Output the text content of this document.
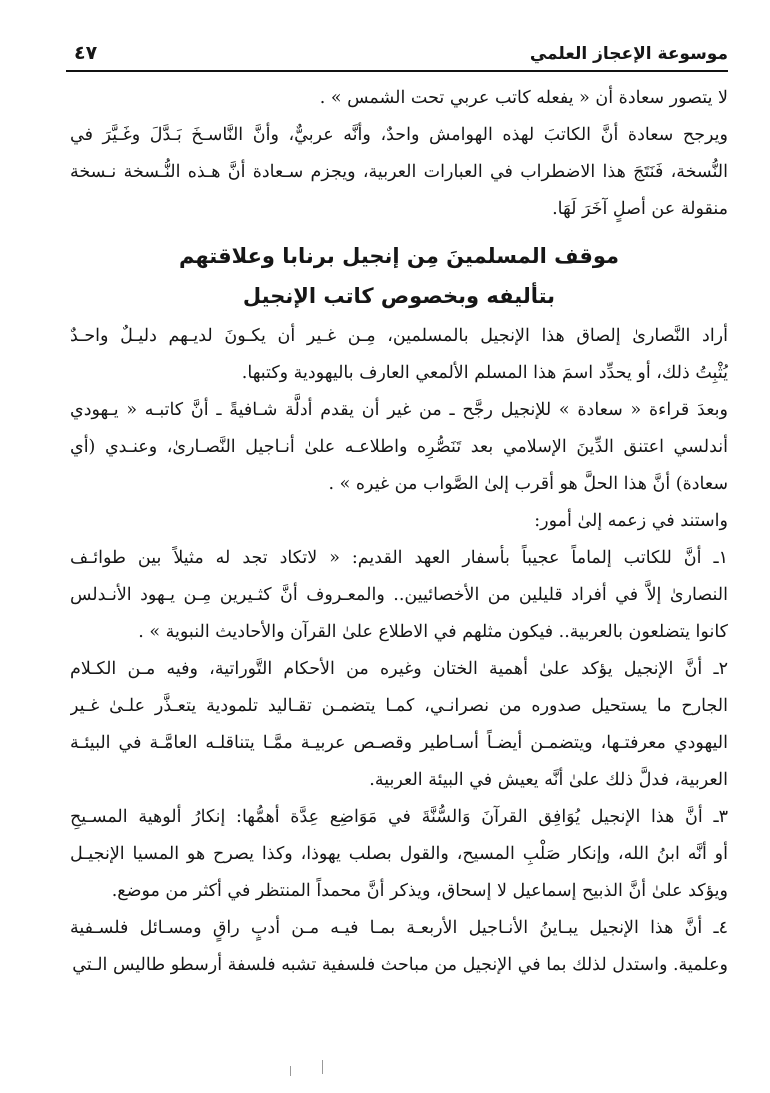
موسوعة الإعجاز العلمي
٤٧
لا يتصور سعادة أن « يفعله كاتب عربي تحت الشمس » .
ويرجح سعادة أنَّ الكاتبَ لهذه الهوامش واحدٌ، وأنَّه عربيٌّ، وأنَّ النَّاسـخَ بَـدَّلَ وغَـيَّرَ في
النُّسخة، فَنَتَجَ هذا الاضطراب في العبارات العربية، ويجزم سـعادة أنَّ هـذه النُّـسخة نـسخة
منقولة عن أصلٍ آخَرَ لَهَا.
موقف المسلمينَ مِن إنجيل برنابا وعلاقتهم
بتأليفه وبخصوص كاتب الإنجيل
أراد النَّصارىٰ إلصاق هذا الإنجيل بالمسلمين، مِـن غـير أن يكـونَ لديـهم دليـلٌ واحـدٌ
يُثْبِتُ ذلك، أو يحدِّد اسمَ هذا المسلم الألمعي العارف باليهودية وكتبها.
وبعدَ قراءة « سعادة » للإنجيل رجَّح ـ من غير أن يقدم أدلَّة شـافيةً ـ أنَّ كاتبـه « يـهودي
أندلسي اعتنق الدِّينَ الإسلامي بعد تَنَصُّرِه واطلاعـه علىٰ أنـاجيل النَّصـارىٰ، وعنـدي (أي
سعادة) أنَّ هذا الحلَّ هو أقرب إلىٰ الصَّواب من غيره » .
واستند في زعمه إلىٰ أمور:
١ـ أنَّ للكاتب إلماماً عجيباً بأسفار العهد القديم: « لاتكاد تجد له مثيلاً بين طوائـف
النصارىٰ إلاَّ في أفراد قليلين من الأخصائيين.. والمعـروف أنَّ كثـيرين مِـن يـهود الأنـدلس
كانوا يتضلعون بالعربية.. فيكون مثلهم في الاطلاع علىٰ القرآن والأحاديث النبوية » .
٢ـ أنَّ الإنجيل يؤكد علىٰ أهمية الختان وغيره من الأحكام التَّوراتية، وفيه مـن الكـلام
الجارح ما يستحيل صدوره من نصرانـي، كمـا يتضمـن تقـاليد تلمودية يتعـذَّر علـىٰ غـير
اليهودي معرفتـها، ويتضمـن أيضـاً أسـاطير وقصـص عربيـة ممَّـا يتناقلـه العامَّـة في البيئـة
العربية، فدلَّ ذلك علىٰ أنَّه يعيش في البيئة العربية.
٣ـ أنَّ هذا الإنجيل يُوَافِق القرآنَ وَالسُّنَّةَ في مَوَاضِع عِدَّة أهمُّها: إنكارُ ألوهية المسـيحِ
أو أنَّه ابنُ الله، وإنكار صَلْبِ المسيح، والقول بصلب يهوذا، وكذا يصرح هو المسيا الإنجيـل
ويؤكد علىٰ أنَّ الذبيح إسماعيل لا إسحاق، ويذكر أنَّ محمداً المنتظر في أكثر من موضع.
٤ـ أنَّ هذا الإنجيل يبـاينُ الأنـاجيل الأربعـة بمـا فيـه مـن أدبٍ راقٍ ومسـائل فلسـفية
وعلمية. واستدل لذلك بما في الإنجيل من مباحث فلسفية تشبه فلسفة أرسطو طاليس الـتي
